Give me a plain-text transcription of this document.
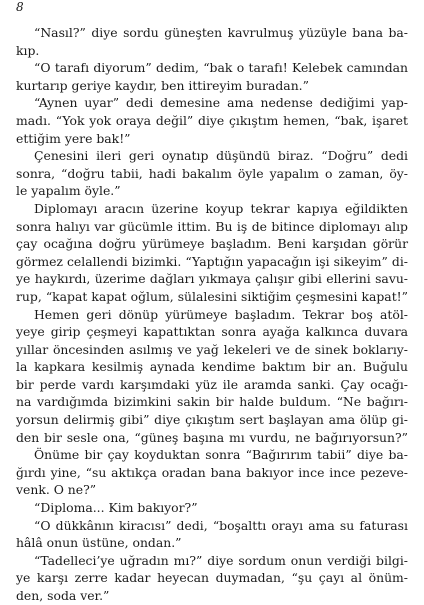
8
“Nasıl?” diye sordu güneşten kavrulmuş yüzüyle bana ba-
kıp.
“O tarafı diyorum” dedim, “bak o tarafı! Kelebek camından
kurtarıp geriye kaydır, ben ittireyim buradan.”
“Aynen uyar” dedi demesine ama nedense dediğimi yap-
madı. “Yok yok oraya değil” diye çıkıştım hemen, “bak, işaret
ettiğim yere bak!”
Çenesini ileri geri oynatıp düşündü biraz. “Doğru” dedi
sonra, “doğru tabii, hadi bakalım öyle yapalım o zaman, öy-
le yapalım öyle.”
Diplomayı aracın üzerine koyup tekrar kapıya eğildikten
sonra halıyı var gücümle ittim. Bu iş de bitince diplomayı alıp
çay ocağına doğru yürümeye başladım. Beni karşıdan görür
görmez celallendi bizimki. “Yaptığın yapacağın işi sikeyim” di-
ye haykırdı, üzerime dağları yıkmaya çalışır gibi ellerini savu-
rup, “kapat kapat oğlum, sülalesini siktiğim çeşmesini kapat!”
Hemen geri dönüp yürümeye başladım. Tekrar boş atöl-
yeye girip çeşmeyi kapattıktan sonra ayağa kalkınca duvara
yıllar öncesinden asılmış ve yağ lekeleri ve de sinek boklarıy-
la kapkara kesilmiş aynada kendime baktım bir an. Buğulu
bir perde vardı karşımdaki yüz ile aramda sanki. Çay ocağı-
na vardığımda bizimkini sakin bir halde buldum. “Ne bağırı-
yorsun delirmiş gibi” diye çıkıştım sert başlayan ama ölüp gi-
den bir sesle ona, “güneş başına mı vurdu, ne bağırıyorsun?”
Önüme bir çay koyduktan sonra “Bağırırım tabii” diye ba-
ğırdı yine, “su aktıkça oradan bana bakıyor ince ince pezeve-
venk. O ne?”
“Diploma... Kim bakıyor?”
“O dükkânın kiracısı” dedi, “boşalttı orayı ama su faturası
hâlâ onun üstüne, ondan.”
“Tadelleci’ye uğradın mı?” diye sordum onun verdiği bilgi-
ye karşı zerre kadar heyecan duymadan, “şu çayı al önüm-
den, soda ver.”
